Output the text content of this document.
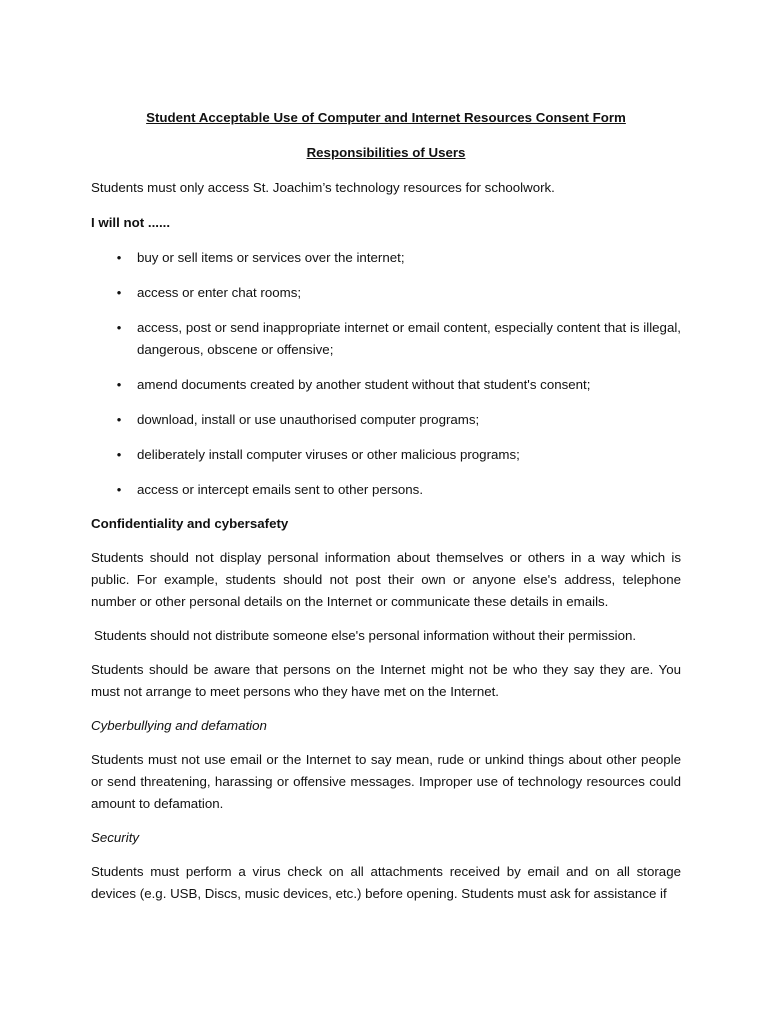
Student Acceptable Use of Computer and Internet Resources Consent Form

Responsibilities of Users

Students must only access St. Joachim’s technology resources for schoolwork.

I will not ......

• buy or sell items or services over the internet;
• access or enter chat rooms;
• access, post or send inappropriate internet or email content, especially content that is illegal, dangerous, obscene or offensive;
• amend documents created by another student without that student's consent;
• download, install or use unauthorised computer programs;
• deliberately install computer viruses or other malicious programs;
• access or intercept emails sent to other persons.

Confidentiality and cybersafety

Students should not display personal information about themselves or others in a way which is public. For example, students should not post their own or anyone else's address, telephone number or other personal details on the Internet or communicate these details in emails.

Students should not distribute someone else's personal information without their permission.

Students should be aware that persons on the Internet might not be who they say they are. You must not arrange to meet persons who they have met on the Internet.

Cyberbullying and defamation

Students must not use email or the Internet to say mean, rude or unkind things about other people or send threatening, harassing or offensive messages. Improper use of technology resources could amount to defamation.

Security

Students must perform a virus check on all attachments received by email and on all storage devices (e.g. USB, Discs, music devices, etc.) before opening. Students must ask for assistance if
